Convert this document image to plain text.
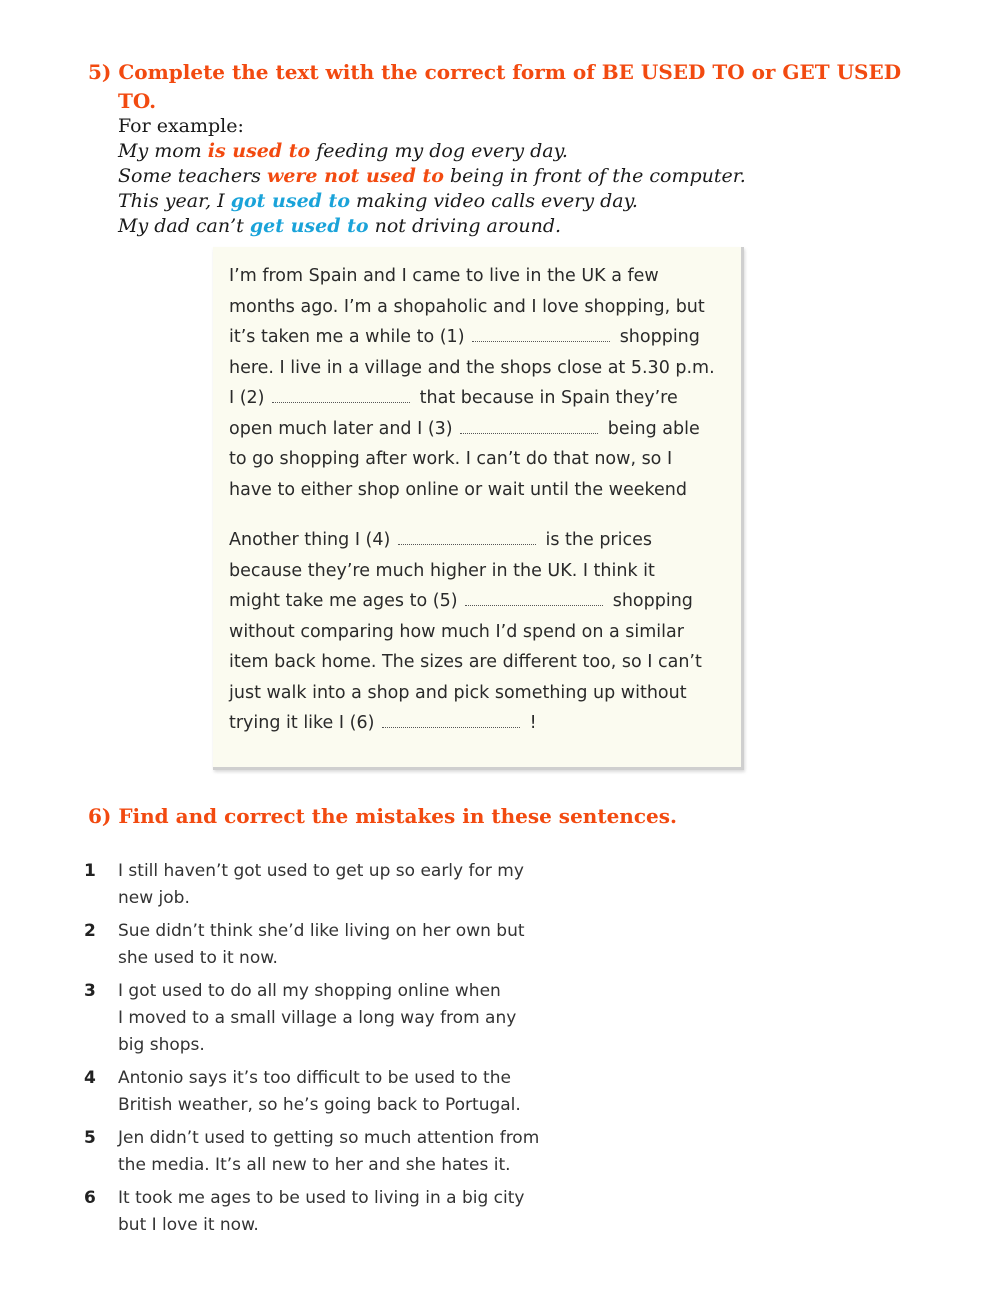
5) Complete the text with the correct form of BE USED TO or GET USED
TO.
For example:
My mom is used to feeding my dog every day.
Some teachers were not used to being in front of the computer.
This year, I got used to making video calls every day.
My dad can’t get used to not driving around.
I’m from Spain and I came to live in the UK a few
months ago. I’m a shopaholic and I love shopping, but
it’s taken me a while to (1)	shopping
here. I live in a village and the shops close at 5.30 p.m.
I (2)	that because in Spain they’re
open much later and I (3)	being able
to go shopping after work. I can’t do that now, so I
have to either shop online or wait until the weekend
Another thing I (4)	is the prices
because they’re much higher in the UK. I think it
might take me ages to (5)	shopping
without comparing how much I’d spend on a similar
item back home. The sizes are different too, so I can’t
just walk into a shop and pick something up without
trying it like I (6)	!
6) Find and correct the mistakes in these sentences.
1 I still haven’t got used to get up so early for my
new job.
2 Sue didn’t think she’d like living on her own but
she used to it now.
3 I got used to do all my shopping online when
I moved to a small village a long way from any
big shops.
4 Antonio says it’s too difficult to be used to the
British weather, so he’s going back to Portugal.
5 Jen didn’t used to getting so much attention from
the media. It’s all new to her and she hates it.
6 It took me ages to be used to living in a big city
but I love it now.
